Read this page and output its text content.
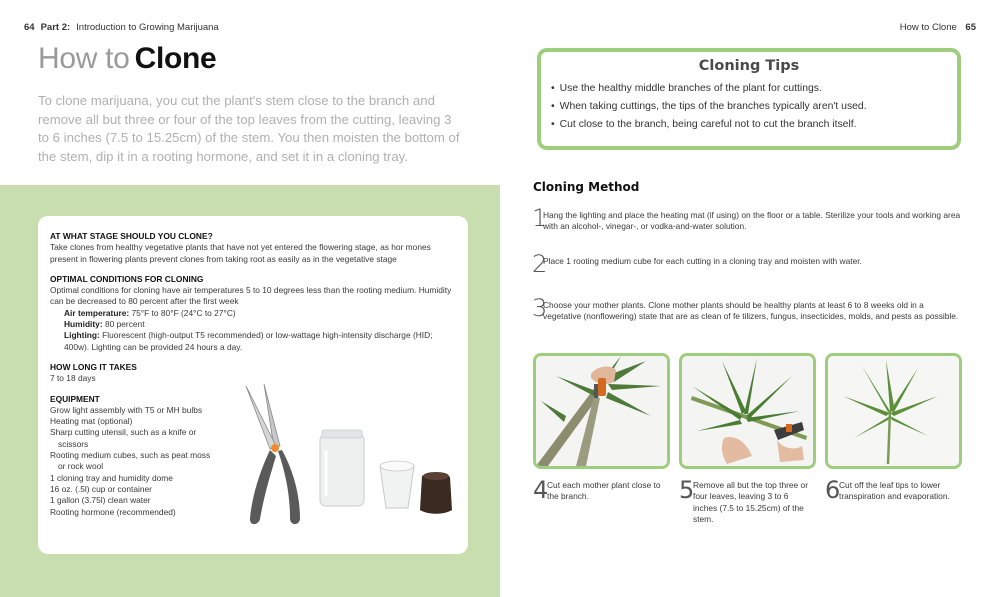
64 Part 2: Introduction to Growing Marijuana
How to Clone

To clone marijuana, you cut the plant's stem close to the branch and remove all but three or four of the top leaves from the cutting, leaving 3 to 6 inches (7.5 to 15.25cm) of the stem. You then moisten the bottom of the stem, dip it in a rooting hormone, and set it in a cloning tray.

AT WHAT STAGE SHOULD YOU CLONE?
Take clones from healthy vegetative plants that have not yet entered the flowering stage, as hor mones present in flowering plants prevent clones from taking root as easily as in the vegetative stage
OPTIMAL CONDITIONS FOR CLONING
Optimal conditions for cloning have air temperatures 5 to 10 degrees less than the rooting medium. Humidity can be decreased to 80 percent after the first week
Air temperature: 75°F to 80°F (24°C to 27°C)
Humidity: 80 percent
Lighting: Fluorescent (high-output T5 recommended) or low-wattage high-intensity discharge (HID; 400w). Lighting can be provided 24 hours a day.
HOW LONG IT TAKES
7 to 18 days
EQUIPMENT
Grow light assembly with T5 or MH bulbs
Heating mat (optional)
Sharp cutting utensil, such as a knife or scissors
Rooting medium cubes, such as peat moss or rock wool
1 cloning tray and humidity dome
16 oz. (.5l) cup or container
1 gallon (3.75l) clean water
Rooting hormone (recommended)
How to Clone 65
Cloning Tips
• Use the healthy middle branches of the plant for cuttings.
• When taking cuttings, the tips of the branches typically aren't used.
• Cut close to the branch, being careful not to cut the branch itself.
Cloning Method
1
Hang the lighting and place the heating mat (if using) on the floor or a table. Sterilize your tools and working area with an alcohol-, vinegar-, or vodka-and-water solution.
2
Place 1 rooting medium cube for each cutting in a cloning tray and moisten with water.
3
Choose your mother plants. Clone mother plants should be healthy plants at least 6 to 8 weeks old in a vegetative (nonflowering) state that are as clean of fe tilizers, fungus, insecticides, molds, and pests as possible.
4
Cut each mother plant close to the branch.	5
Remove all but the top three or four leaves, leaving 3 to 6 inches (7.5 to 15.25cm) of the stem.
6
Cut off the leaf tips to lower transpiration and evaporation.
